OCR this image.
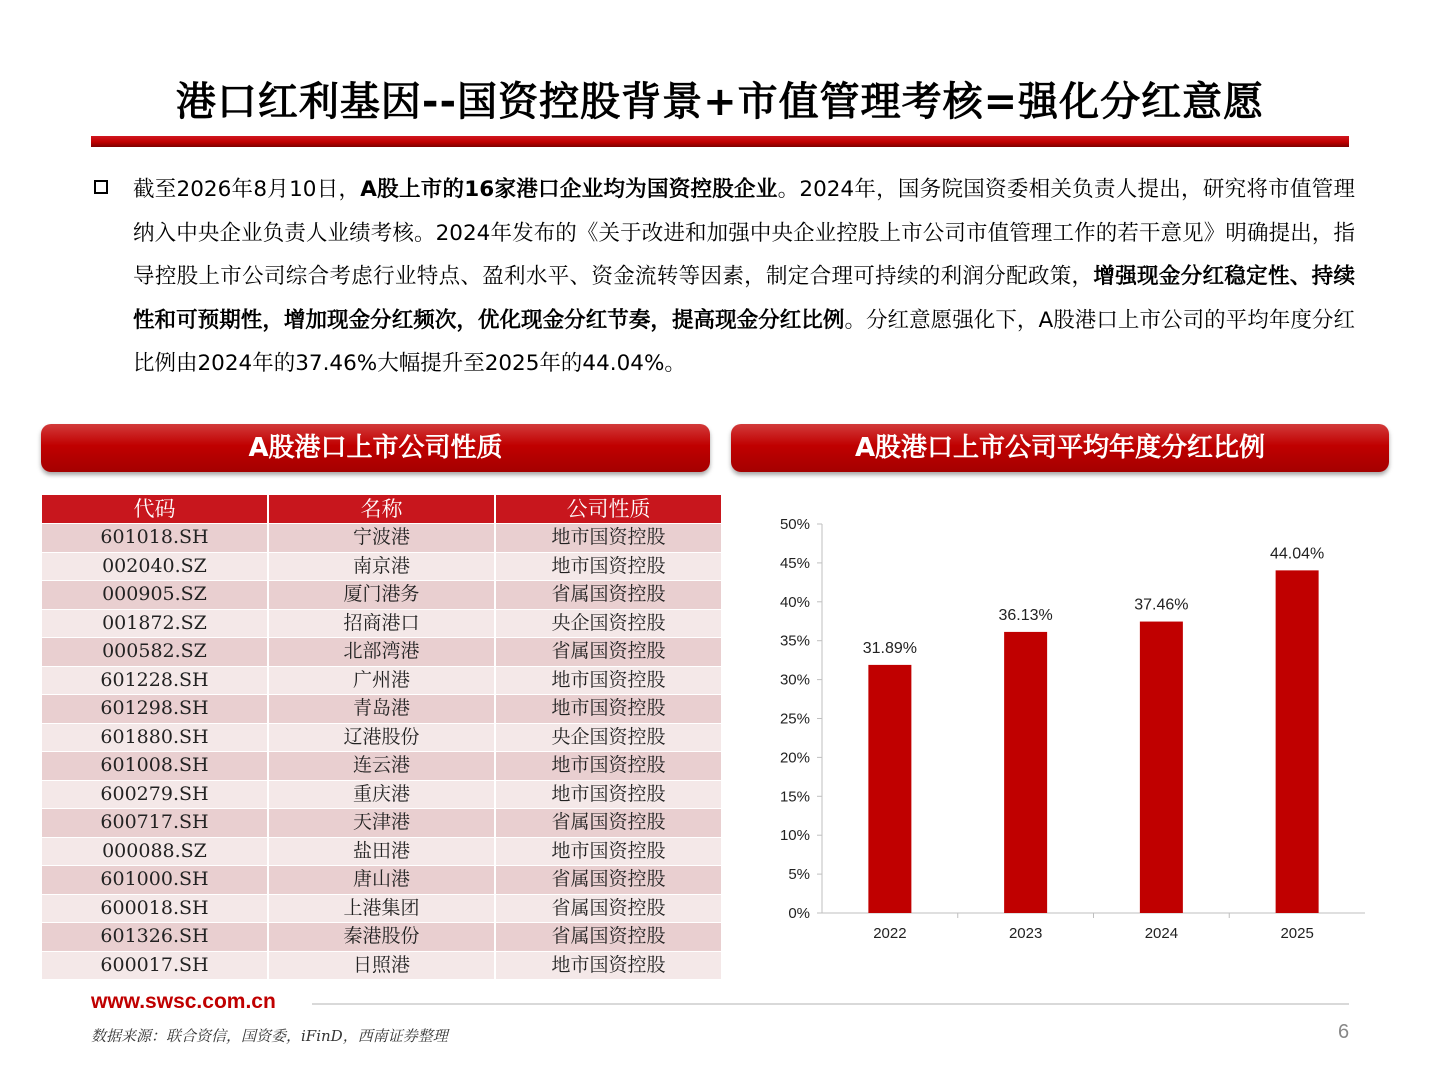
港口红利基因--国资控股背景+市值管理考核=强化分红意愿
截至2026年8月10日，A股上市的16家港口企业均为国资控股企业。2024年，国务院国资委相关负责人提出，研究将市值管理纳入中央企业负责人业绩考核。2024年发布的《关于改进和加强中央企业控股上市公司市值管理工作的若干意见》明确提出，指导控股上市公司综合考虑行业特点、盈利水平、资金流转等因素，制定合理可持续的利润分配政策，增强现金分红稳定性、持续性和可预期性，增加现金分红频次，优化现金分红节奏，提高现金分红比例。分红意愿强化下，A股港口上市公司的平均年度分红比例由2024年的37.46%大幅提升至2025年的44.04%。
A股港口上市公司性质	A股港口上市公司平均年度分红比例
代码	名称	公司性质
601018.SH	宁波港	地市国资控股
002040.SZ	南京港	地市国资控股
000905.SZ	厦门港务	省属国资控股
001872.SZ	招商港口	央企国资控股
000582.SZ	北部湾港	省属国资控股
601228.SH	广州港	地市国资控股
601298.SH	青岛港	地市国资控股
601880.SH	辽港股份	央企国资控股
601008.SH	连云港	地市国资控股
600279.SH	重庆港	地市国资控股
600717.SH	天津港	省属国资控股
000088.SZ	盐田港	地市国资控股
601000.SH	唐山港	省属国资控股
600018.SH	上港集团	省属国资控股
601326.SH	秦港股份	省属国资控股
600017.SH	日照港	地市国资控股
0%
5%
10%
15%
20%
25%
30%
35%
40%
45%
50%
31.89%
2022
36.13%
2023
37.46%
2024
44.04%
2025
www.swsc.com.cn
数据来源：联合资信，国资委，iFinD，西南证券整理	6
